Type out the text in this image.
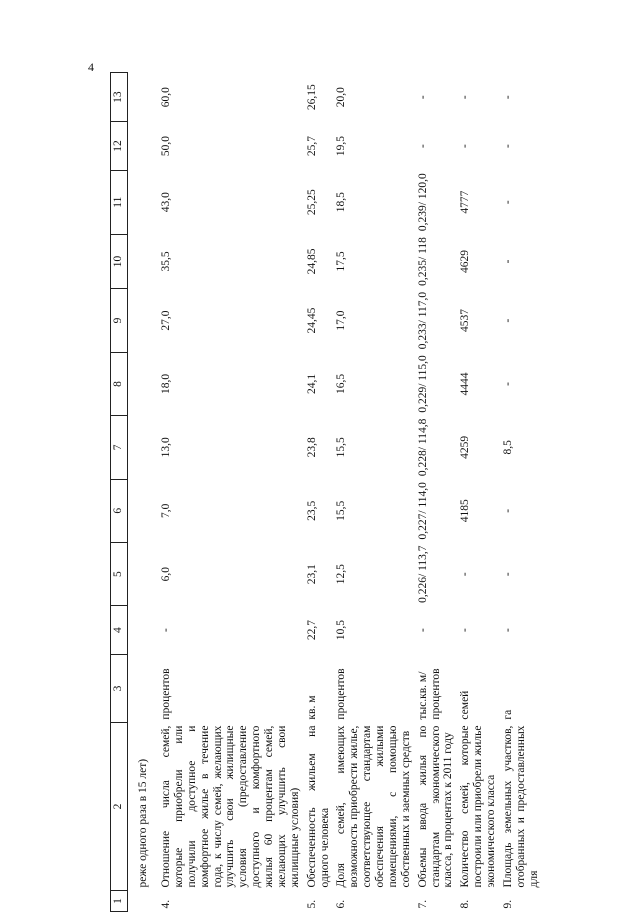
4
1	2	3	4	5	6	7	8	9	10	11	12	13
	реже одного раза в 15 лет)											
4.	Отношение числа семей, которые приобрели или получили доступное и комфортное жилье в течение года, к числу семей, желающих улучшить свои жилищные условия (предоставление доступного и комфортного жилья 60 процентам семей, желающих улучшить свои жилищные условия)	процентов	-	6,0	7,0	13,0	18,0	27,0	35,5	43,0	50,0	60,0
5.	Обеспеченность жильем на одного человека	кв. м	22,7	23,1	23,5	23,8	24,1	24,45	24,85	25,25	25,7	26,15
6.	Доля семей, имеющих возможность приобрести жилье, соответствующее стандартам обеспечения жилыми помещениями, с помощью собственных и заемных средств	процентов	10,5	12,5	15,5	15,5	16,5	17,0	17,5	18,5	19,5	20,0
7.	Объемы ввода жилья по стандартам экономического класса, в процентах к 2011 году	тыс.кв. м/ процентов	-	0,226/ 113,7	0,227/ 114,0	0,228/ 114,8	0,229/ 115,0	0,233/ 117,0	0,235/ 118	0,239/ 120,0	-	-
8.	Количество семей, которые построили или приобрели жилье экономического класса	семей	-	-	4185	4259	4444	4537	4629	4777	-	-
9.	Площадь земельных участков, отобранных и предоставленных для	га	-	-	-	8,5	-	-	-	-	-	-
